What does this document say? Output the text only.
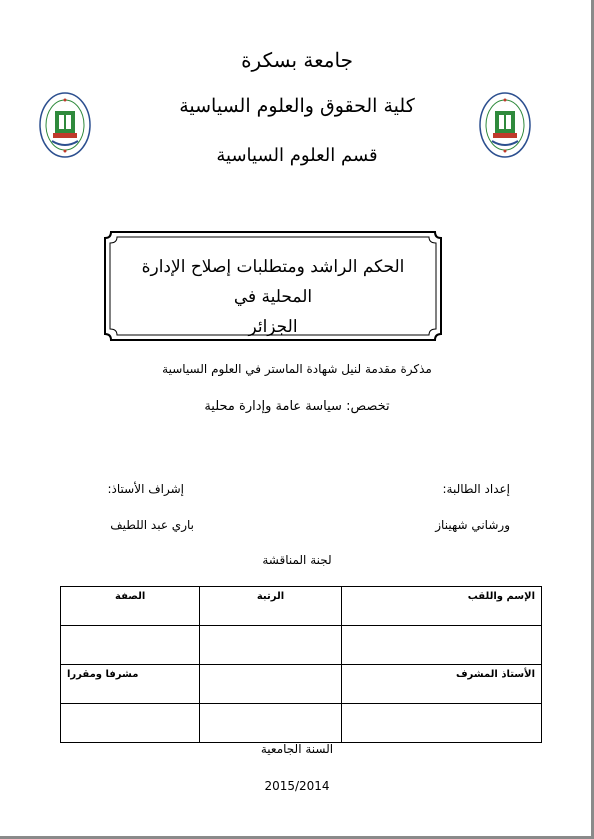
جامعة بسكرة
كلية الحقوق والعلوم السياسية
قسم العلوم السياسية
الحكم الراشد ومتطلبات إصلاح الإدارة المحلية في
الجزائر
مذكرة مقدمة لنيل شهادة الماستر في العلوم السياسية
تخصص: سياسة عامة وإدارة محلية
إعداد الطالبة:
إشراف الأستاذ:
ورشاني شهيناز
باري عبد اللطيف
لجنة المناقشة
الإسم واللقب	الرتبة	الصفة

الأستاذ المشرف		مشرفا ومقررا

السنة الجامعية
2015/2014
